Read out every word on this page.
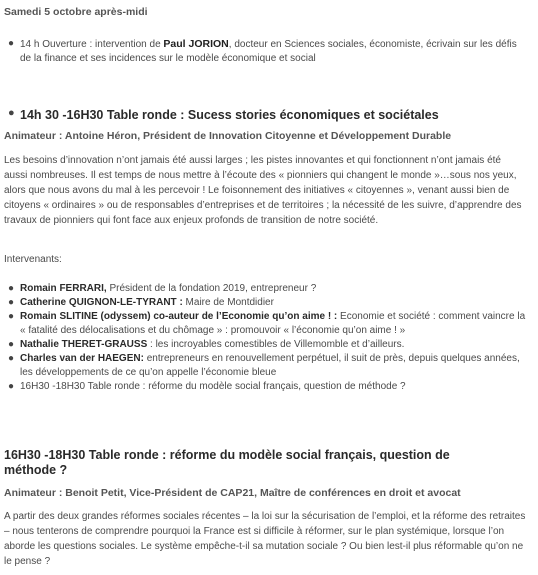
Samedi 5 octobre après-midi
● 14 h Ouverture : intervention de Paul JORION, docteur en Sciences sociales, économiste, écrivain sur les défis de la finance et ses incidences sur le modèle économique et social
● 14h 30 -16H30 Table ronde : Sucess stories économiques et sociétales
Animateur : Antoine Héron, Président de Innovation Citoyenne et Développement Durable
Les besoins d’innovation n’ont jamais été aussi larges ; les pistes innovantes et qui fonctionnent n’ont jamais été aussi nombreuses. Il est temps de nous mettre à l’écoute des « pionniers qui changent le monde »…sous nos yeux, alors que nous avons du mal à les percevoir ! Le foisonnement des initiatives « citoyennes », venant aussi bien de citoyens « ordinaires » ou de responsables d’entreprises et de territoires ; la nécessité de les suivre, d’apprendre des travaux de pionniers qui font face aux enjeux profonds de transition de notre société.
Intervenants:
● Romain FERRARI, Président de la fondation 2019, entrepreneur ?
● Catherine QUIGNON-LE-TYRANT : Maire de Montdidier
● Romain SLITINE (odyssem) co-auteur de l’Economie qu’on aime ! : Economie et société : comment vaincre la « fatalité des délocalisations et du chômage » : promouvoir « l’économie qu’on aime ! »
● Nathalie THERET-GRAUSS : les incroyables comestibles de Villemomble et d’ailleurs.
● Charles van der HAEGEN: entrepreneurs en renouvellement perpétuel, il suit de près, depuis quelques années, les développements de ce qu’on appelle l’économie bleue
● 16H30 -18H30 Table ronde : réforme du modèle social français, question de méthode ?
16H30 -18H30 Table ronde : réforme du modèle social français, question de méthode ?
Animateur : Benoit Petit, Vice-Président de CAP21, Maître de conférences en droit et avocat
A partir des deux grandes réformes sociales récentes – la loi sur la sécurisation de l’emploi, et la réforme des retraites – nous tenterons de comprendre pourquoi la France est si difficile à réformer, sur le plan systémique, lorsque l’on aborde les questions sociales. Le système empêche-t-il sa mutation sociale ? Ou bien lest-il plus réformable qu’on ne le pense ?
